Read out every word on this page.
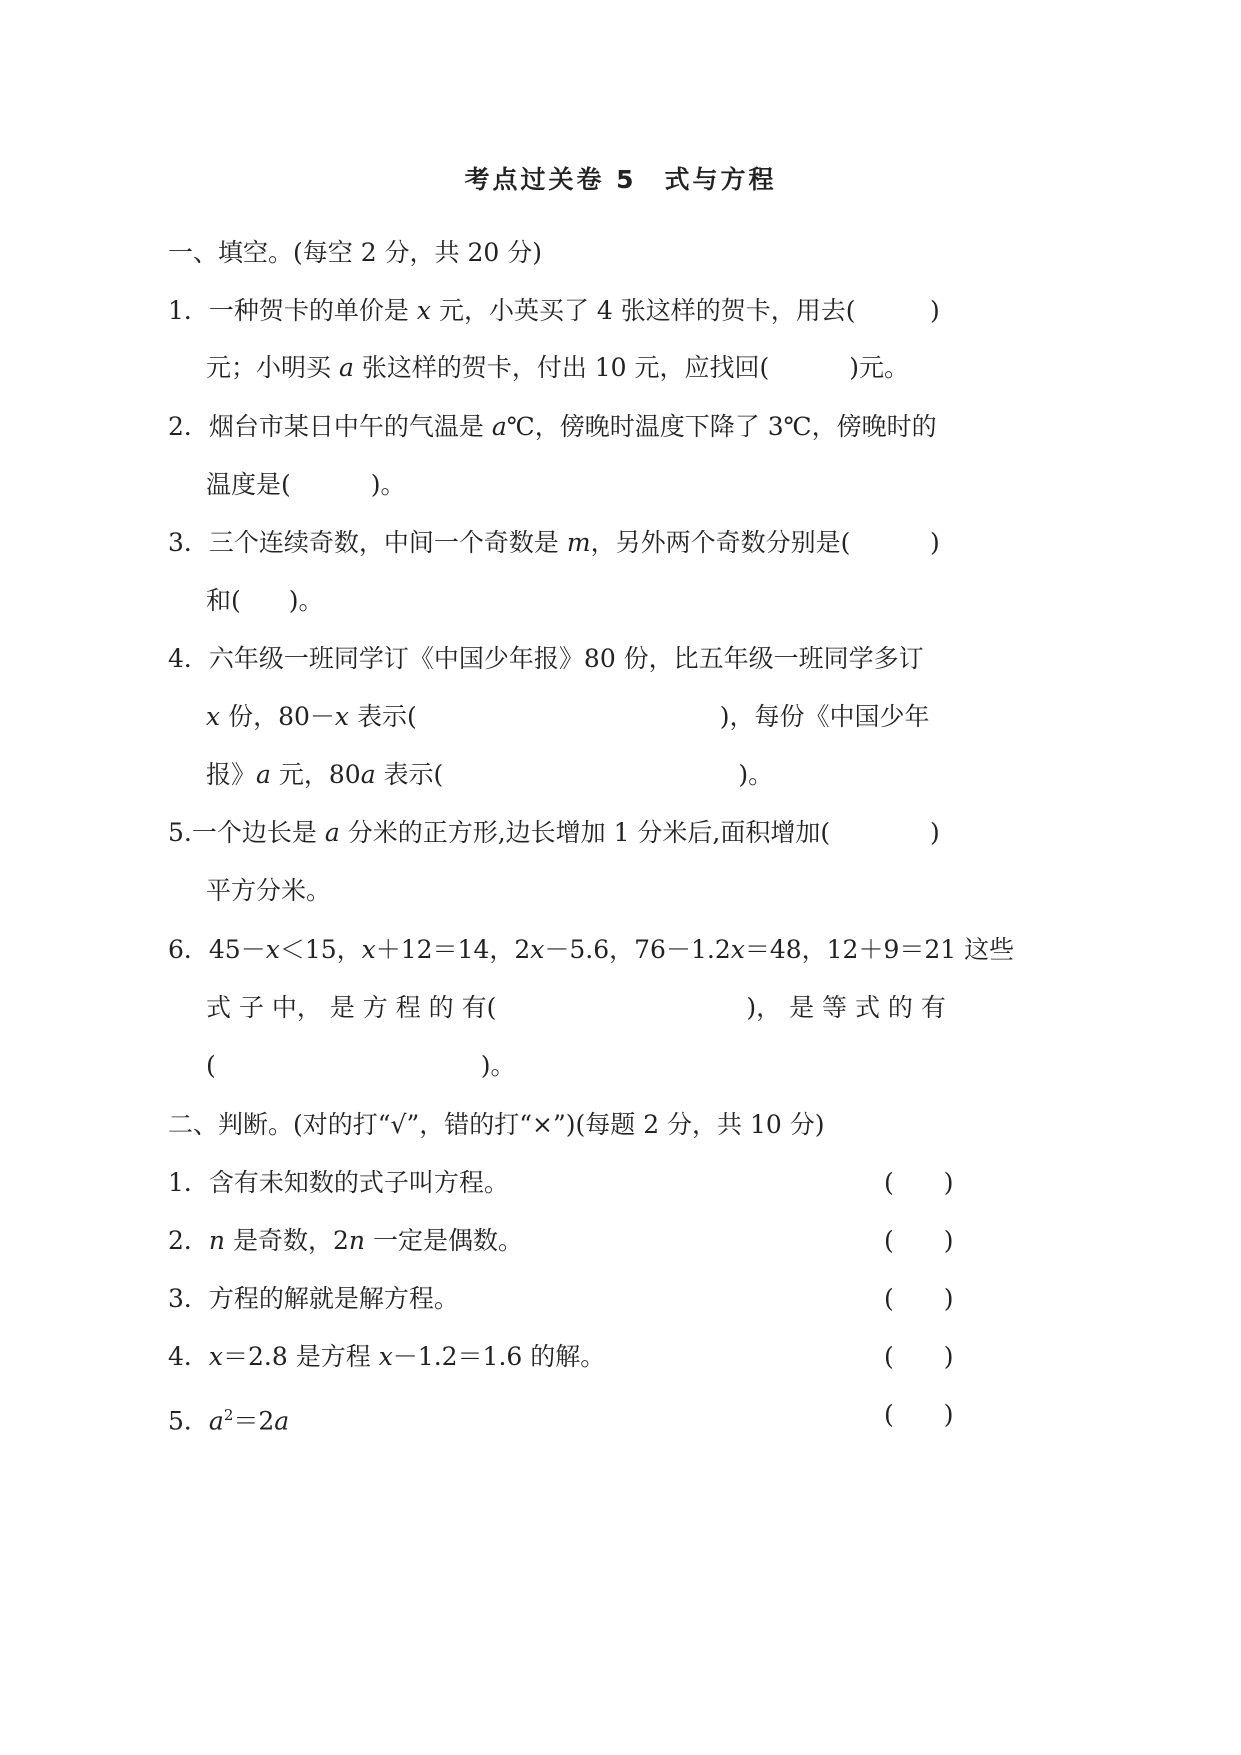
考点过关卷 5　式与方程
一、填空。(每空 2 分，共 20 分)
1．一种贺卡的单价是 x 元，小英买了 4 张这样的贺卡，用去(	)
元；小明买 a 张这样的贺卡，付出 10 元，应找回(	)元。
2．烟台市某日中午的气温是 a℃，傍晚时温度下降了 3℃，傍晚时的
温度是(	)。
3．三个连续奇数，中间一个奇数是 m，另外两个奇数分别是(	)
和( )。
4．六年级一班同学订《中国少年报》80 份，比五年级一班同学多订
x 份，80－x 表示(	)，每份《中国少年
报》a 元，80a 表示(	)。
5.一个边长是 a 分米的正方形,边长增加 1 分米后,面积增加(	)
平方分米。
6．45－x＜15，x＋12＝14，2x－5.6，76－1.2x＝48，12＋9＝21 这些
式 子 中， 是 方 程 的 有(	)， 是 等 式 的 有
(	)。
二、判断。(对的打“√”，错的打“×”)(每题 2 分，共 10 分)
1．含有未知数的式子叫方程。	(　　)
2．n 是奇数，2n 一定是偶数。	(　　)
3．方程的解就是解方程。	(　　)
4．x＝2.8 是方程 x－1.2＝1.6 的解。	(　　)
5．$a^2=2a$	(　　)
